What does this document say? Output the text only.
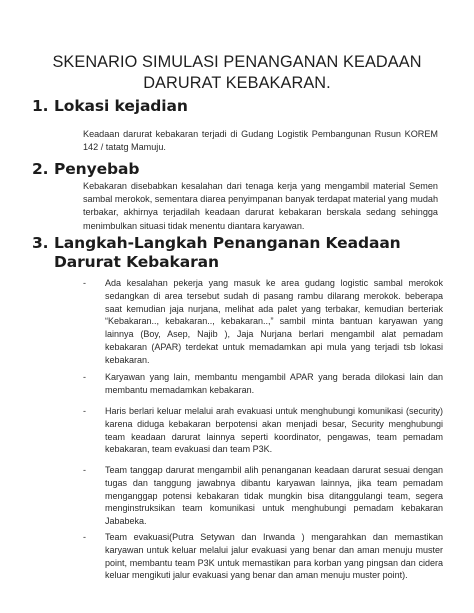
SKENARIO SIMULASI PENANGANAN KEADAAN DARURAT KEBAKARAN.
1. Lokasi kejadian
Keadaan darurat kebakaran terjadi di Gudang Logistik Pembangunan Rusun KOREM 142 / tatatg Mamuju.
2. Penyebab
Kebakaran disebabkan kesalahan dari tenaga kerja yang mengambil material Semen sambal merokok, sementara diarea penyimpanan banyak terdapat material yang mudah terbakar, akhirnya terjadilah keadaan darurat kebakaran berskala sedang sehingga menimbulkan situasi tidak menentu diantara karyawan.
3. Langkah-Langkah Penanganan Keadaan Darurat Kebakaran
-	Ada kesalahan pekerja yang masuk ke area gudang logistic sambal merokok sedangkan di area tersebut sudah di pasang rambu dilarang merokok. beberapa saat kemudian jaja nurjana, melihat ada palet yang terbakar, kemudian berteriak “Kebakaran.., kebakaran.., kebakaran..,” sambil minta bantuan karyawan yang lainnya (Boy, Asep, Najib ), Jaja Nurjana berlari mengambil alat pemadam kebakaran (APAR) terdekat untuk memadamkan api mula yang terjadi tsb lokasi kebakaran.
-	Karyawan yang lain, membantu mengambil APAR yang berada dilokasi lain dan membantu memadamkan kebakaran.
-	Haris berlari keluar melalui arah evakuasi untuk menghubungi komunikasi (security) karena diduga kebakaran berpotensi akan menjadi besar, Security menghubungi team keadaan darurat lainnya seperti koordinator, pengawas, team pemadam kebakaran, team evakuasi dan team P3K.
-	Team tanggap darurat mengambil alih penanganan keadaan darurat sesuai dengan tugas dan tanggung jawabnya dibantu karyawan lainnya, jika team pemadam menganggap potensi kebakaran tidak mungkin bisa ditanggulangi team, segera menginstruksikan team komunikasi untuk menghubungi pemadam kebakaran Jababeka.
-	Team evakuasi(Putra Setywan dan Irwanda ) mengarahkan dan memastikan karyawan untuk keluar melalui jalur evakuasi yang benar dan aman menuju muster point, membantu team P3K untuk memastikan para korban yang pingsan dan cidera keluar mengikuti jalur evakuasi yang benar dan aman menuju muster point).
